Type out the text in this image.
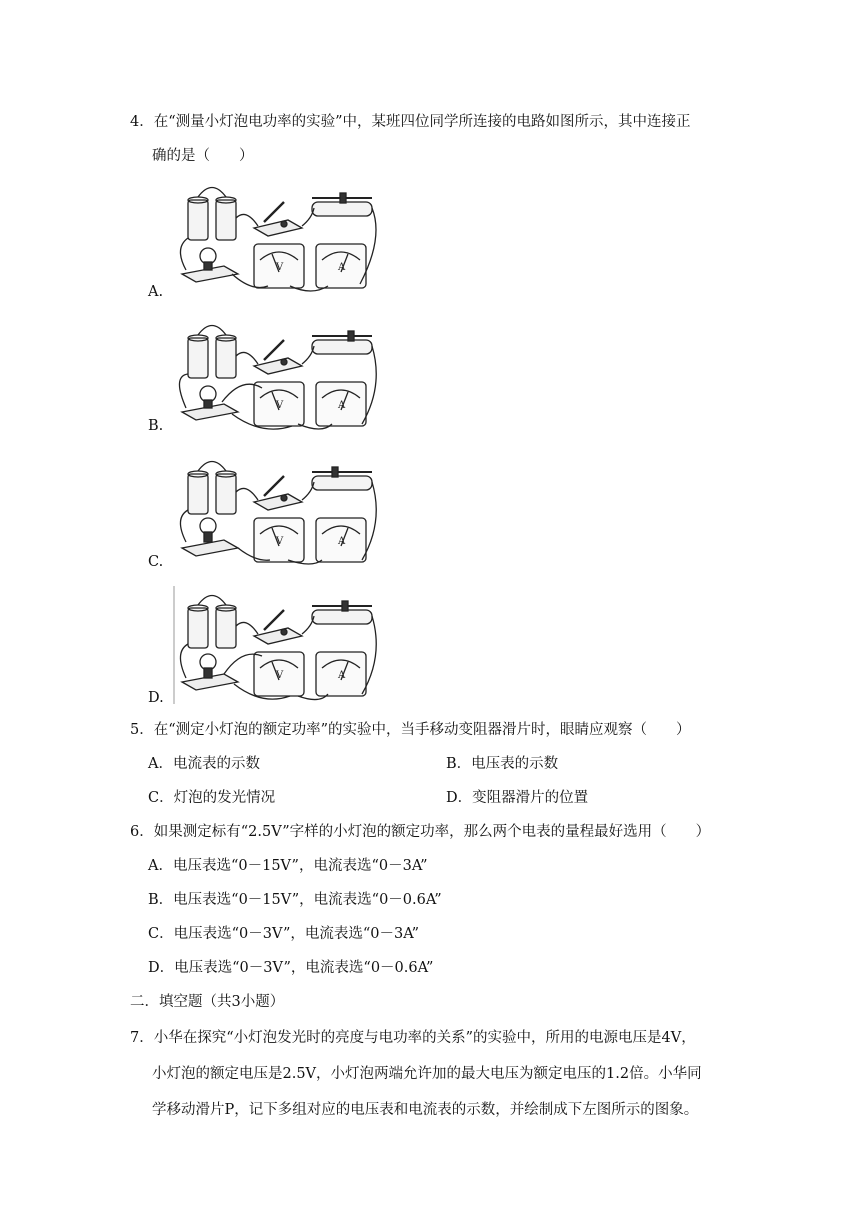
4．在“测量小灯泡电功率的实验”中，某班四位同学所连接的电路如图所示，其中连接正
确的是（　　）
V	A
A.
V	A
B.
V	A
C.
V	A
D.
5．在“测定小灯泡的额定功率”的实验中，当手移动变阻器滑片时，眼睛应观察（　　）
A．电流表的示数	B．电压表的示数
C．灯泡的发光情况	D．变阻器滑片的位置
6．如果测定标有“2.5V”字样的小灯泡的额定功率，那么两个电表的量程最好选用（　　）
A．电压表选“0－15V”，电流表选“0－3A”
B．电压表选“0－15V”，电流表选“0－0.6A”
C．电压表选“0－3V”，电流表选“0－3A”
D．电压表选“0－3V”，电流表选“0－0.6A”
二．填空题（共3小题）
7．小华在探究“小灯泡发光时的亮度与电功率的关系”的实验中，所用的电源电压是4V，
小灯泡的额定电压是2.5V，小灯泡两端允许加的最大电压为额定电压的1.2倍。小华同
学移动滑片P，记下多组对应的电压表和电流表的示数，并绘制成下左图所示的图象。
